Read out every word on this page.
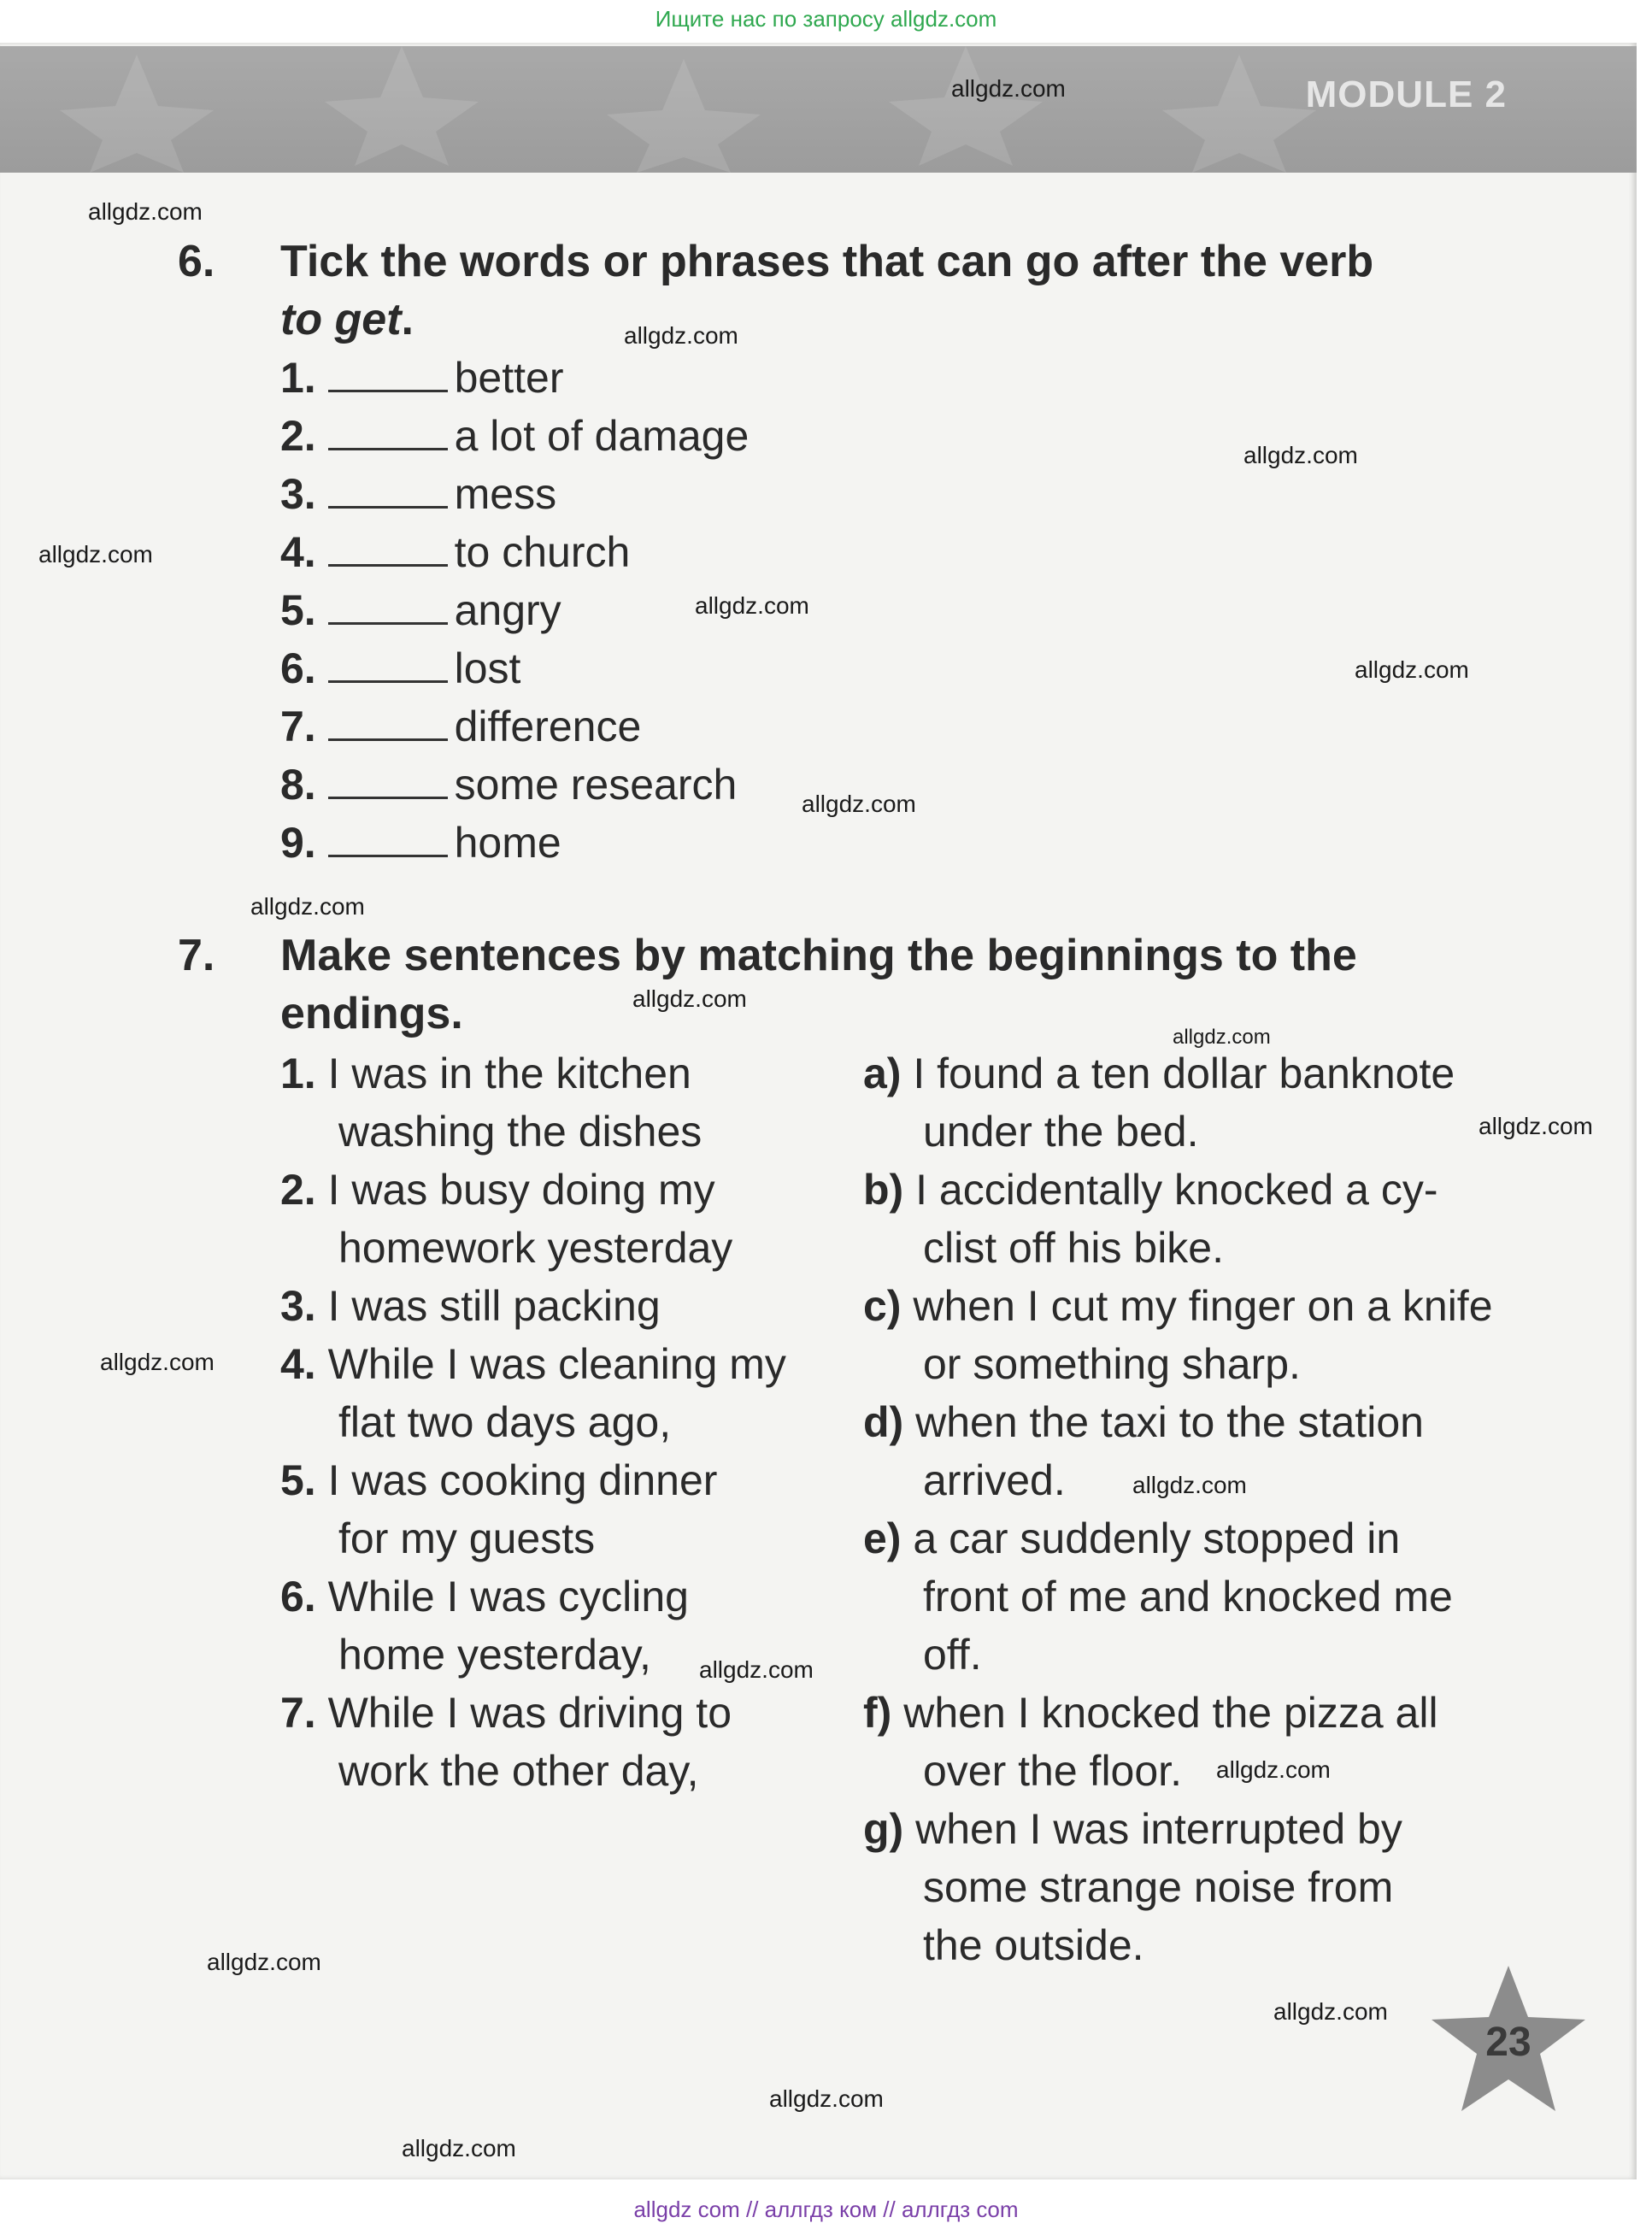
Ищите нас по запросу allgdz.com
MODULE 2
allgdz.com
allgdz.com
allgdz.com
allgdz.com
allgdz.com
allgdz.com
allgdz.com
allgdz.com
allgdz.com
allgdz.com
allgdz.com
allgdz.com
allgdz.com
allgdz.com
allgdz.com
allgdz.com
allgdz.com
allgdz.com
allgdz.com
allgdz.com
6. Tick the words or phrases that can go after the verb
to get.
1.	better
2.	a lot of damage
3.	mess
4.	to church
5.	angry
6.	lost
7.	difference
8.	some research
9.	home
7. Make sentences by matching the beginnings to the
endings.
1. I was in the kitchen
washing the dishes
2. I was busy doing my
homework yesterday
3. I was still packing
4. While I was cleaning my
flat two days ago,
5. I was cooking dinner
for my guests
6. While I was cycling
home yesterday,
7. While I was driving to
work the other day,
a) I found a ten dollar banknote
under the bed.
b) I accidentally knocked a cy-
clist off his bike.
c) when I cut my finger on a knife
or something sharp.
d) when the taxi to the station
arrived.
e) a car suddenly stopped in
front of me and knocked me
off.
f) when I knocked the pizza all
over the floor.
g) when I was interrupted by
some strange noise from
the outside.
23
allgdz com // аллгдз ком // аллгдз com
